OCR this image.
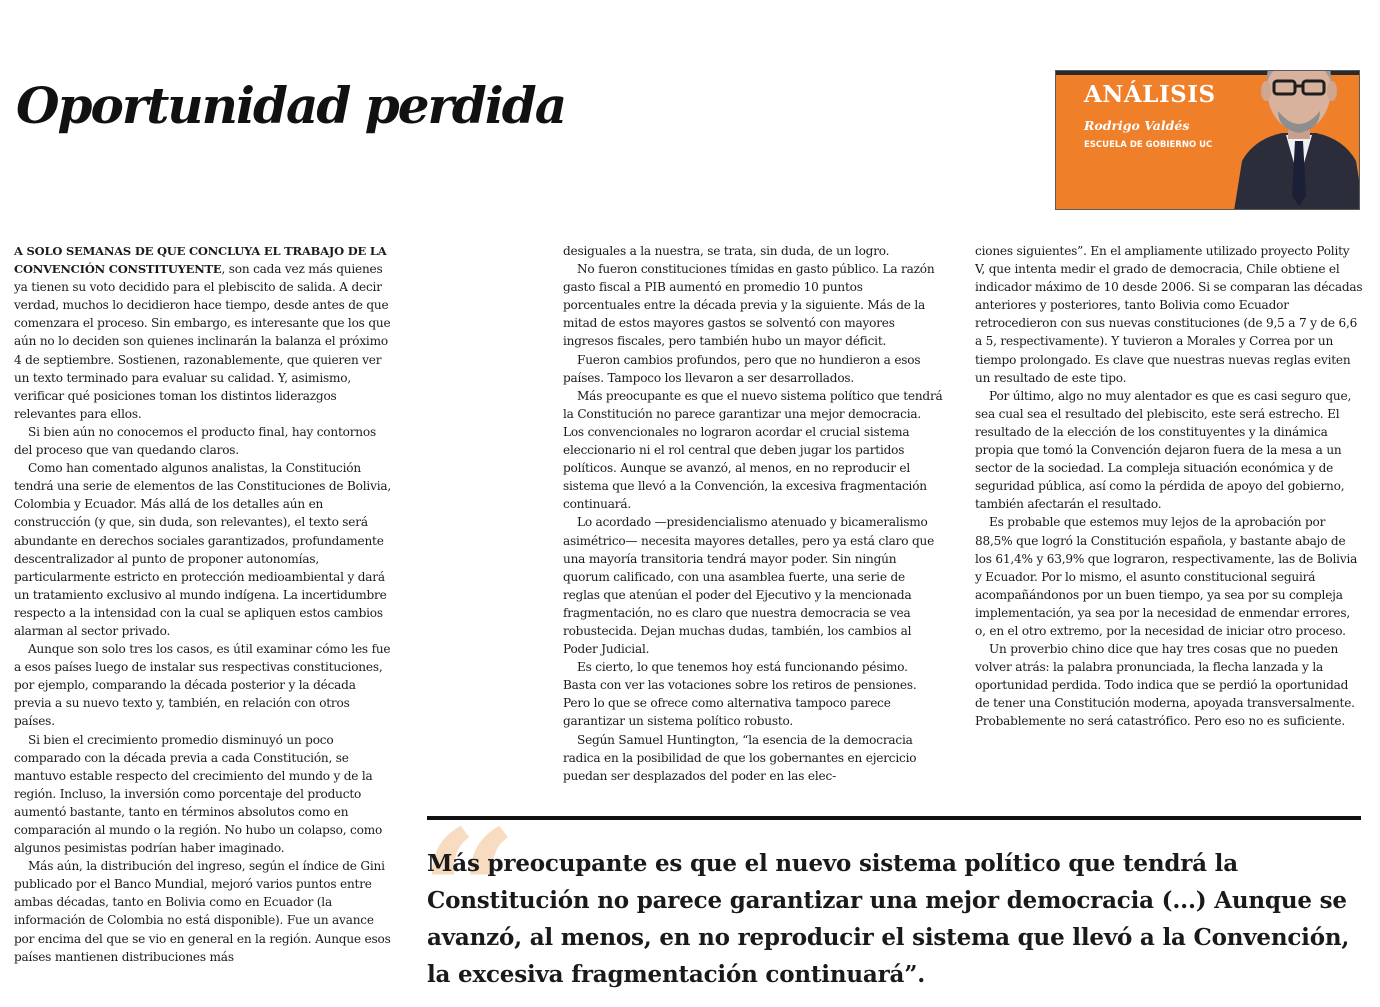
Oportunidad perdida	ANÁLISIS
Rodrigo Valdés
ESCUELA DE GOBIERNO UC

A SOLO SEMANAS DE QUE CONCLUYA EL TRABAJO DE LA CONVENCIÓN CONSTITUYENTE, son cada vez más quienes ya tienen su voto decidido para el plebiscito de salida. A decir verdad, muchos lo decidieron hace tiempo, desde antes de que comenzara el proceso. Sin embargo, es interesante que los que aún no lo deciden son quienes inclinarán la balanza el próximo 4 de septiembre. Sostienen, razonablemente, que quieren ver un texto terminado para evaluar su calidad. Y, asimismo, verificar qué posiciones toman los distintos liderazgos relevantes para ellos.

Si bien aún no conocemos el producto final, hay contornos del proceso que van quedando claros.

Como han comentado algunos analistas, la Constitución tendrá una serie de elementos de las Constituciones de Bolivia, Colombia y Ecuador. Más allá de los detalles aún en construcción (y que, sin duda, son relevantes), el texto será abundante en derechos sociales garantizados, profundamente descentralizador al punto de proponer autonomías, particularmente estricto en protección medioambiental y dará un tratamiento exclusivo al mundo indígena. La incertidumbre respecto a la intensidad con la cual se apliquen estos cambios alarman al sector privado.

Aunque son solo tres los casos, es útil examinar cómo les fue a esos países luego de instalar sus respectivas constituciones, por ejemplo, comparando la década posterior y la década previa a su nuevo texto y, también, en relación con otros países.

Si bien el crecimiento promedio disminuyó un poco comparado con la década previa a cada Constitución, se mantuvo estable respecto del crecimiento del mundo y de la región. Incluso, la inversión como porcentaje del producto aumentó bastante, tanto en términos absolutos como en comparación al mundo o la región. No hubo un colapso, como algunos pesimistas podrían haber imaginado.

Más aún, la distribución del ingreso, según el índice de Gini publicado por el Banco Mundial, mejoró varios puntos entre ambas décadas, tanto en Bolivia como en Ecuador (la información de Colombia no está disponible). Fue un avance por encima del que se vio en general en la región. Aunque esos países mantienen distribuciones más

desiguales a la nuestra, se trata, sin duda, de un logro.

No fueron constituciones tímidas en gasto público. La razón gasto fiscal a PIB aumentó en promedio 10 puntos porcentuales entre la década previa y la siguiente. Más de la mitad de estos mayores gastos se solventó con mayores ingresos fiscales, pero también hubo un mayor déficit.

Fueron cambios profundos, pero que no hundieron a esos países. Tampoco los llevaron a ser desarrollados.

Más preocupante es que el nuevo sistema político que tendrá la Constitución no parece garantizar una mejor democracia. Los convencionales no lograron acordar el crucial sistema eleccionario ni el rol central que deben jugar los partidos políticos. Aunque se avanzó, al menos, en no reproducir el sistema que llevó a la Convención, la excesiva fragmentación continuará.

Lo acordado —presidencialismo atenuado y bicameralismo asimétrico— necesita mayores detalles, pero ya está claro que una mayoría transitoria tendrá mayor poder. Sin ningún quorum calificado, con una asamblea fuerte, una serie de reglas que atenúan el poder del Ejecutivo y la mencionada fragmentación, no es claro que nuestra democracia se vea robustecida. Dejan muchas dudas, también, los cambios al Poder Judicial.

Es cierto, lo que tenemos hoy está funcionando pésimo. Basta con ver las votaciones sobre los retiros de pensiones. Pero lo que se ofrece como alternativa tampoco parece garantizar un sistema político robusto.

Según Samuel Huntington, “la esencia de la democracia radica en la posibilidad de que los gobernantes en ejercicio puedan ser desplazados del poder en las elec-

ciones siguientes”. En el ampliamente utilizado proyecto Polity V, que intenta medir el grado de democracia, Chile obtiene el indicador máximo de 10 desde 2006. Si se comparan las décadas anteriores y posteriores, tanto Bolivia como Ecuador retrocedieron con sus nuevas constituciones (de 9,5 a 7 y de 6,6 a 5, respectivamente). Y tuvieron a Morales y Correa por un tiempo prolongado. Es clave que nuestras nuevas reglas eviten un resultado de este tipo.

Por último, algo no muy alentador es que es casi seguro que, sea cual sea el resultado del plebiscito, este será estrecho. El resultado de la elección de los constituyentes y la dinámica propia que tomó la Convención dejaron fuera de la mesa a un sector de la sociedad. La compleja situación económica y de seguridad pública, así como la pérdida de apoyo del gobierno, también afectarán el resultado.

Es probable que estemos muy lejos de la aprobación por 88,5% que logró la Constitución española, y bastante abajo de los 61,4% y 63,9% que lograron, respectivamente, las de Bolivia y Ecuador. Por lo mismo, el asunto constitucional seguirá acompañándonos por un buen tiempo, ya sea por su compleja implementación, ya sea por la necesidad de enmendar errores, o, en el otro extremo, por la necesidad de iniciar otro proceso.

Un proverbio chino dice que hay tres cosas que no pueden volver atrás: la palabra pronunciada, la flecha lanzada y la oportunidad perdida. Todo indica que se perdió la oportunidad de tener una Constitución moderna, apoyada transversalmente. Probablemente no será catastrófico. Pero eso no es suficiente.

“

Más preocupante es que el nuevo sistema político que tendrá la Constitución no parece garantizar una mejor democracia (...) Aunque se avanzó, al menos, en no reproducir el sistema que llevó a la Convención, la excesiva fragmentación continuará”.
